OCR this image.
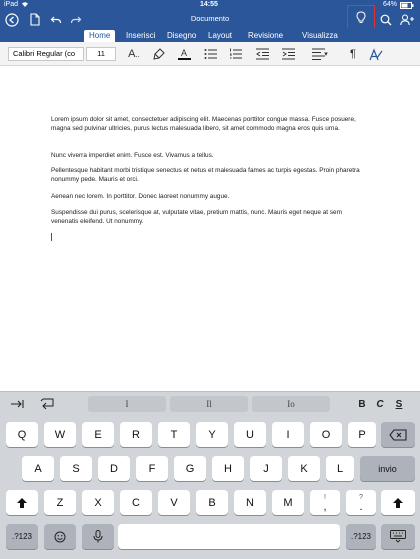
iPad	14:55	64%
Documento
Home	Inserisci	Disegno	Layout	Revisione	Visualizza
Calibri Regular (co	11	A ..	A	▾ ¶
Lorem ipsum dolor sit amet, consectetuer adipiscing elit. Maecenas porttitor congue massa. Fusce posuere, magna sed pulvinar ultricies, purus lectus malesuada libero, sit amet commodo magna eros quis urna.
Nunc viverra imperdiet enim. Fusce est. Vivamus a tellus.
Pellentesque habitant morbi tristique senectus et netus et malesuada fames ac turpis egestas. Proin pharetra nonummy pede. Mauris et orci.
Aenean nec lorem. In porttitor. Donec laoreet nonummy augue.
Suspendisse dui purus, scelerisque at, vulputate vitae, pretium mattis, nunc. Mauris eget neque at sem venenatis eleifend. Ut nonummy.
I	Il	Io	B C S
Q	W	E	R	T	Y	U	I	O	P
A	S	D	F	G	H	J	K	L	invio
Z	X	C	V	B	N	M	!
,
?
.
.?123	.?123
